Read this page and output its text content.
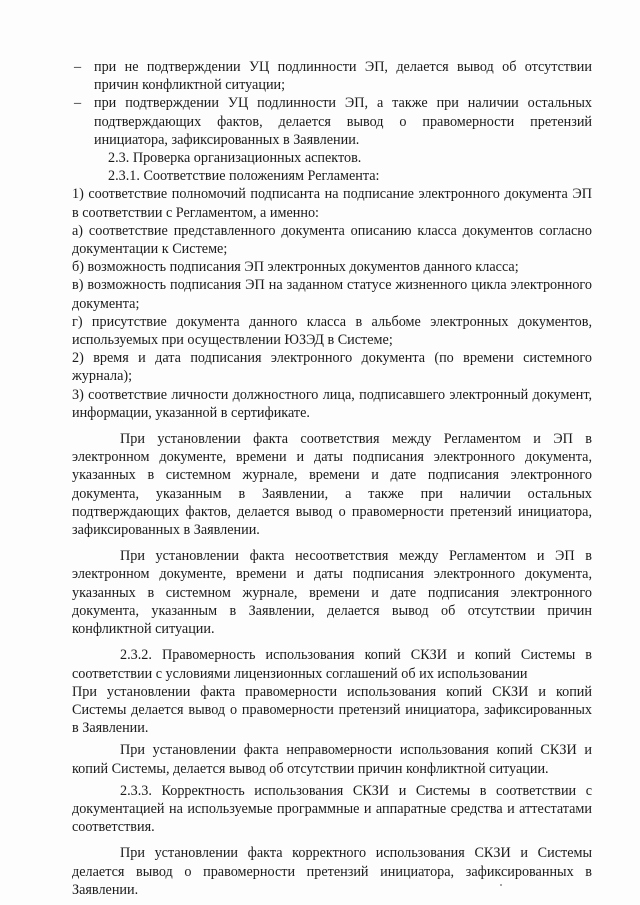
– при не подтверждении УЦ подлинности ЭП, делается вывод об отсутствии причин конфликтной ситуации;

– при подтверждении УЦ подлинности ЭП, а также при наличии остальных подтверждающих фактов, делается вывод о правомерности претензий инициатора, зафиксированных в Заявлении.

2.3. Проверка организационных аспектов.

2.3.1. Соответствие положениям Регламента:

1) соответствие полномочий подписанта на подписание электронного документа ЭП в соответствии с Регламентом, а именно:

а) соответствие представленного документа описанию класса документов согласно документации к Системе;

б) возможность подписания ЭП электронных документов данного класса;

в) возможность подписания ЭП на заданном статусе жизненного цикла электронного документа;

г) присутствие документа данного класса в альбоме электронных документов, используемых при осуществлении ЮЗЭД в Системе;

2) время и дата подписания электронного документа (по времени системного журнала);

3) соответствие личности должностного лица, подписавшего электронный документ, информации, указанной в сертификате.

При установлении факта соответствия между Регламентом и ЭП в электронном документе, времени и даты подписания электронного документа, указанных в системном журнале, времени и дате подписания электронного документа, указанным в Заявлении, а также при наличии остальных подтверждающих фактов, делается вывод о правомерности претензий инициатора, зафиксированных в Заявлении.

При установлении факта несоответствия между Регламентом и ЭП в электронном документе, времени и даты подписания электронного документа, указанных в системном журнале, времени и дате подписания электронного документа, указанным в Заявлении, делается вывод об отсутствии причин конфликтной ситуации.

2.3.2. Правомерность использования копий СКЗИ и копий Системы в соответствии с условиями лицензионных соглашений об их использовании

При установлении факта правомерности использования копий СКЗИ и копий Системы делается вывод о правомерности претензий инициатора, зафиксированных в Заявлении.

При установлении факта неправомерности использования копий СКЗИ и копий Системы, делается вывод об отсутствии причин конфликтной ситуации.

2.3.3. Корректность использования СКЗИ и Системы в соответствии с документацией на используемые программные и аппаратные средства и аттестатами соответствия.

При установлении факта корректного использования СКЗИ и Системы делается вывод о правомерности претензий инициатора, зафиксированных в Заявлении.
